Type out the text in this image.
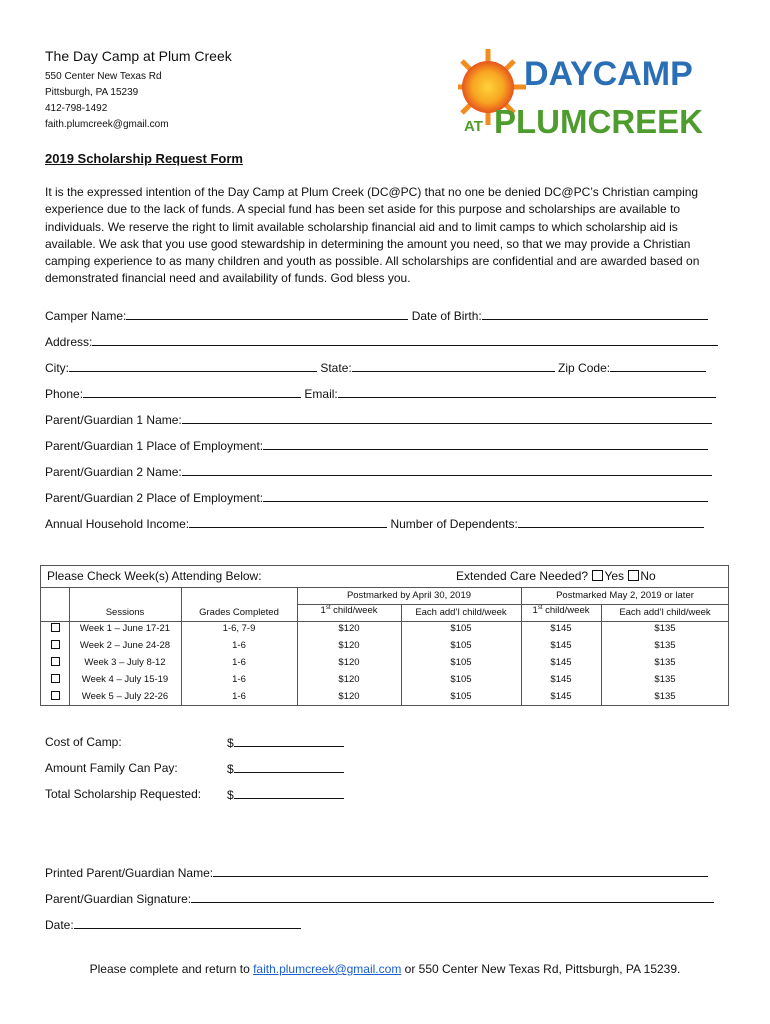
The Day Camp at Plum Creek
550 Center New Texas Rd
Pittsburgh, PA 15239
412-798-1492
faith.plumcreek@gmail.com
DAYCAMP
AT PLUMCREEK
2019 Scholarship Request Form
It is the expressed intention of the Day Camp at Plum Creek (DC@PC) that no one be denied DC@PC’s Christian camping experience due to the lack of funds. A special fund has been set aside for this purpose and scholarships are available to individuals. We reserve the right to limit available scholarship financial aid and to limit camps to which scholarship aid is available. We ask that you use good stewardship in determining the amount you need, so that we may provide a Christian camping experience to as many children and youth as possible. All scholarships are confidential and are awarded based on demonstrated financial need and availability of funds. God bless you.
Camper Name:	Date of Birth:
Address:
City:	State:	Zip Code:
Phone:	Email:
Parent/Guardian 1 Name:
Parent/Guardian 1 Place of Employment:
Parent/Guardian 2 Name:
Parent/Guardian 2 Place of Employment:
Annual Household Income:	Number of Dependents:
Please Check Week(s) Attending Below:	Extended Care Needed? Yes No
Postmarked by April 30, 2019	Postmarked May 2, 2019 or later
Sessions	Grades Completed	1st child/week	Each add’l child/week	1st child/week	Each add’l child/week
Week 1 – June 17-21	1-6, 7-9	$120	$105	$145	$135
Week 2 – June 24-28	1-6	$120	$105	$145	$135
Week 3 – July 8-12	1-6	$120	$105	$145	$135
Week 4 – July 15-19	1-6	$120	$105	$145	$135
Week 5 – July 22-26	1-6	$120	$105	$145	$135
Cost of Camp:	$
Amount Family Can Pay:	$
Total Scholarship Requested: $
Printed Parent/Guardian Name:
Parent/Guardian Signature:
Date:
Please complete and return to faith.plumcreek@gmail.com or 550 Center New Texas Rd, Pittsburgh, PA 15239.
